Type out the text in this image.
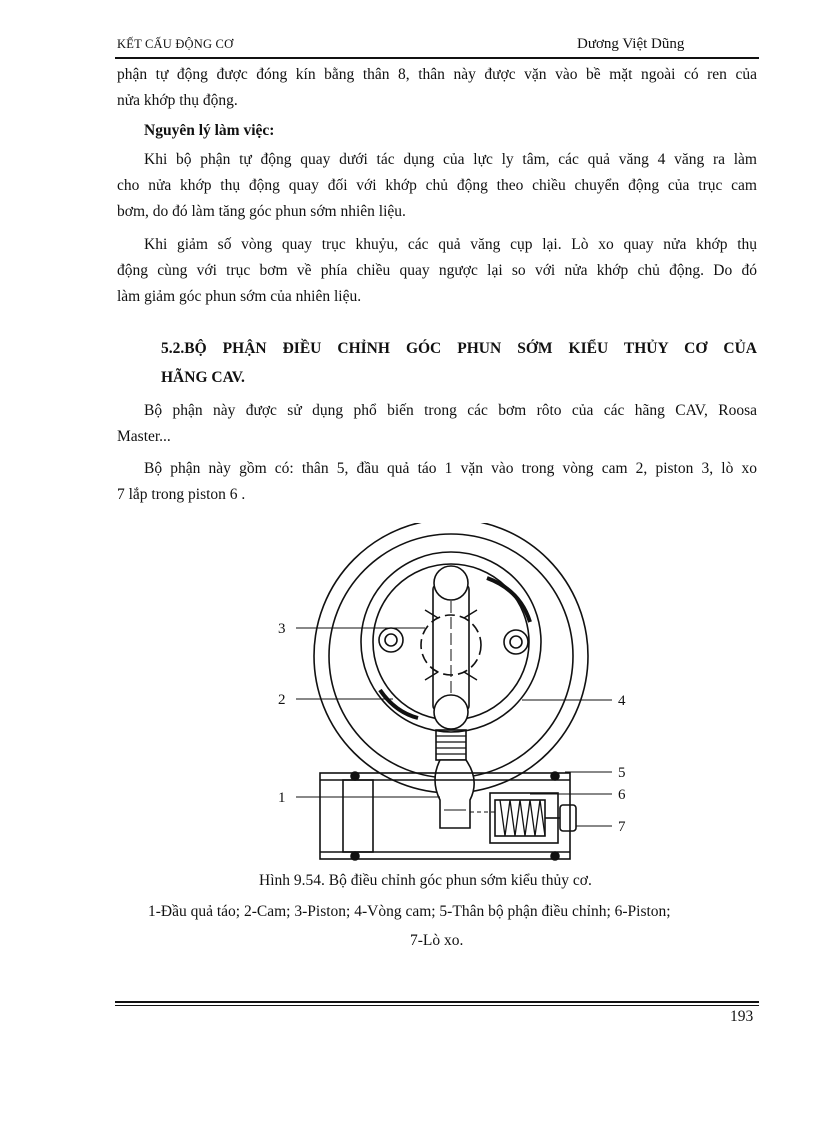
KẾT CẤU ĐỘNG CƠ	Dương Việt Dũng
phận tự động được đóng kín bằng thân 8, thân này được vặn vào bề mặt ngoài có ren của
nửa khớp thụ động.
Nguyên lý làm việc:
Khi bộ phận tự động quay dưới tác dụng của lực ly tâm, các quả văng 4 văng ra làm
cho nửa khớp thụ động quay đối với khớp chủ động theo chiều chuyển động của trục cam
bơm, do đó làm tăng góc phun sớm nhiên liệu.
Khi giảm số vòng quay trục khuỷu, các quả văng cụp lại. Lò xo quay nửa khớp thụ
động cùng với trục bơm về phía chiều quay ngược lại so với nửa khớp chủ động. Do đó
làm giảm góc phun sớm của nhiên liệu.
5.2.BỘ PHẬN ĐIỀU CHỈNH GÓC PHUN SỚM KIỂU THỦY CƠ CỦA
HÃNG CAV.
Bộ phận này được sử dụng phổ biến trong các bơm rôto của các hãng CAV, Roosa
Master...
Bộ phận này gồm có: thân 5, đầu quả táo 1 vặn vào trong vòng cam 2, piston 3, lò xo
7 lắp trong piston 6 .
3
2	4
5
1	6
7
Hình 9.54. Bộ điều chỉnh góc phun sớm kiểu thủy cơ.
1-Đầu quả táo; 2-Cam; 3-Piston; 4-Vòng cam; 5-Thân bộ phận điều chỉnh; 6-Piston;
7-Lò xo.
193
